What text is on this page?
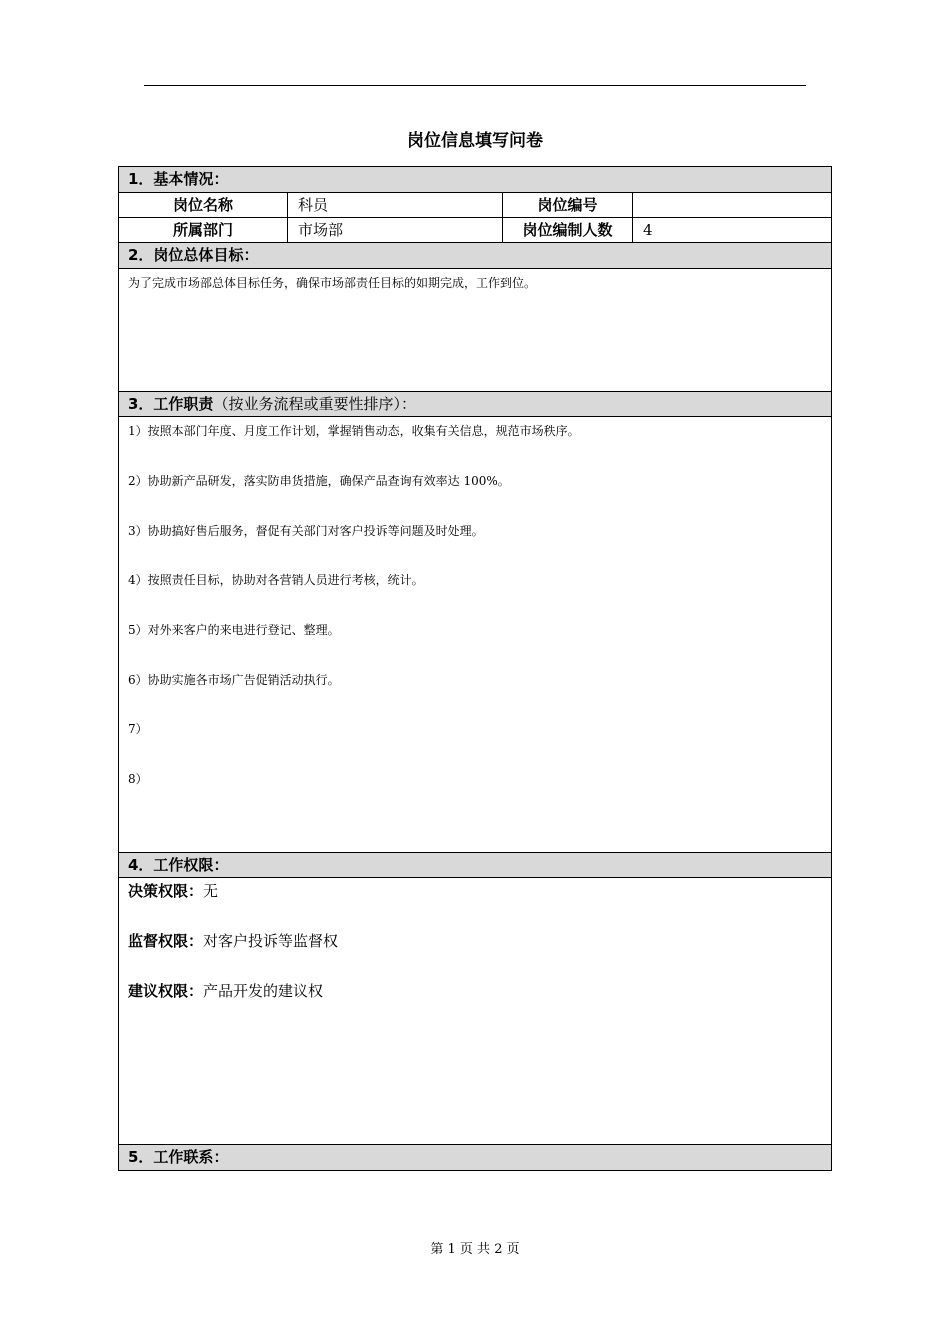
岗位信息填写问卷
1．基本情况：
岗位名称	科员	岗位编号
所属部门	市场部	岗位编制人数	4
2．岗位总体目标：
为了完成市场部总体目标任务，确保市场部责任目标的如期完成，工作到位。
3．工作职责（按业务流程或重要性排序）：
1）按照本部门年度、月度工作计划，掌握销售动态，收集有关信息，规范市场秩序。
2）协助新产品研发，落实防串货措施，确保产品查询有效率达 100%。
3）协助搞好售后服务，督促有关部门对客户投诉等问题及时处理。
4）按照责任目标，协助对各营销人员进行考核，统计。
5）对外来客户的来电进行登记、整理。
6）协助实施各市场广告促销活动执行。
7）
8）
4．工作权限：
决策权限：无
监督权限：对客户投诉等监督权
建议权限：产品开发的建议权
5．工作联系：
第 1 页 共 2 页
